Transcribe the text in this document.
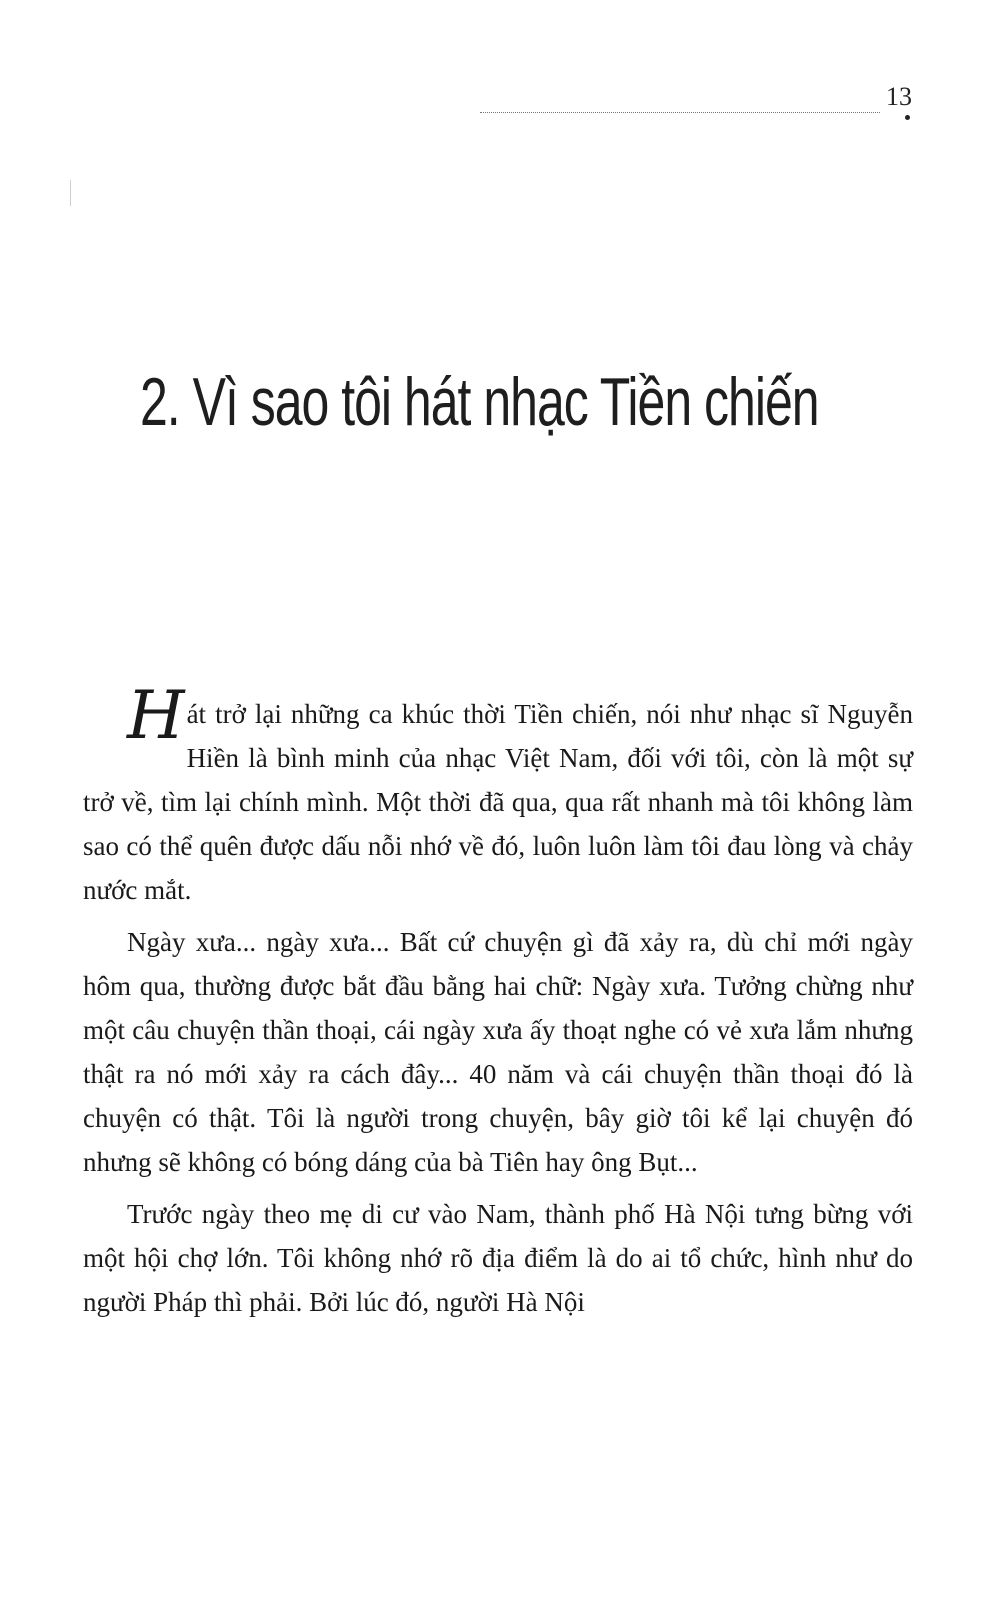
13
2. Vì sao tôi hát nhạc Tiền chiến

H át trở lại những ca khúc thời Tiền chiến, nói như nhạc sĩ Nguyễn Hiền là bình minh của nhạc Việt Nam, đối với tôi, còn là một sự trở về, tìm lại chính mình. Một thời đã qua, qua rất nhanh mà tôi không làm sao có thể quên được dấu nỗi nhớ về đó, luôn luôn làm tôi đau lòng và chảy nước mắt.

Ngày xưa... ngày xưa... Bất cứ chuyện gì đã xảy ra, dù chỉ mới ngày hôm qua, thường được bắt đầu bằng hai chữ: Ngày xưa. Tưởng chừng như một câu chuyện thần thoại, cái ngày xưa ấy thoạt nghe có vẻ xưa lắm nhưng thật ra nó mới xảy ra cách đây... 40 năm và cái chuyện thần thoại đó là chuyện có thật. Tôi là người trong chuyện, bây giờ tôi kể lại chuyện đó nhưng sẽ không có bóng dáng của bà Tiên hay ông Bụt...

Trước ngày theo mẹ di cư vào Nam, thành phố Hà Nội tưng bừng với một hội chợ lớn. Tôi không nhớ rõ địa điểm là do ai tổ chức, hình như do người Pháp thì phải. Bởi lúc đó, người Hà Nội
